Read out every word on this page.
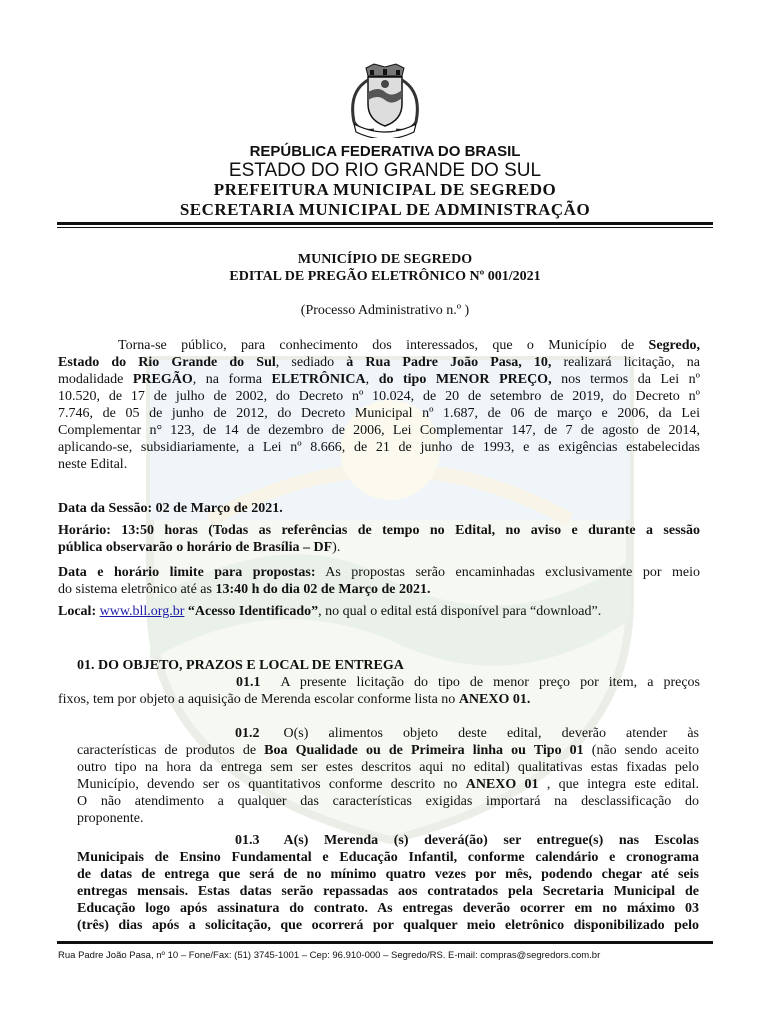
REPÚBLICA FEDERATIVA DO BRASIL
ESTADO DO RIO GRANDE DO SUL
PREFEITURA MUNICIPAL DE SEGREDO
SECRETARIA MUNICIPAL DE ADMINISTRAÇÃO
MUNICÍPIO DE SEGREDO
EDITAL DE PREGÃO ELETRÔNICO Nº 001/2021
(Processo Administrativo n.º )
Torna-se público, para conhecimento dos interessados, que o Município de Segredo,
Estado do Rio Grande do Sul, sediado à Rua Padre João Pasa, 10, realizará licitação, na
modalidade PREGÃO, na forma ELETRÔNICA, do tipo MENOR PREÇO, nos termos da Lei nº
10.520, de 17 de julho de 2002, do Decreto nº 10.024, de 20 de setembro de 2019, do Decreto nº
7.746, de 05 de junho de 2012, do Decreto Municipal nº 1.687, de 06 de março e 2006, da Lei
Complementar n° 123, de 14 de dezembro de 2006, Lei Complementar 147, de 7 de agosto de 2014,
aplicando-se, subsidiariamente, a Lei nº 8.666, de 21 de junho de 1993, e as exigências estabelecidas
neste Edital.
Data da Sessão: 02 de Março de 2021.
Horário: 13:50 horas (Todas as referências de tempo no Edital, no aviso e durante a sessão
pública observarão o horário de Brasília – DF).
Data e horário limite para propostas: As propostas serão encaminhadas exclusivamente por meio
do sistema eletrônico até as 13:40 h do dia 02 de Março de 2021.
Local: www.bll.org.br “Acesso Identificado”, no qual o edital está disponível para “download”.
01. DO OBJETO, PRAZOS E LOCAL DE ENTREGA
01.1 A presente licitação do tipo de menor preço por item, a preços
fixos, tem por objeto a aquisição de Merenda escolar conforme lista no ANEXO 01.
01.2 O(s) alimentos objeto deste edital, deverão atender às
características de produtos de Boa Qualidade ou de Primeira linha ou Tipo 01 (não sendo aceito
outro tipo na hora da entrega sem ser estes descritos aqui no edital) qualitativas estas fixadas pelo
Município, devendo ser os quantitativos conforme descrito no ANEXO 01 , que integra este edital.
O não atendimento a qualquer das características exigidas importará na desclassificação do
proponente.
01.3 A(s) Merenda (s) deverá(ão) ser entregue(s) nas Escolas
Municipais de Ensino Fundamental e Educação Infantil, conforme calendário e cronograma
de datas de entrega que será de no mínimo quatro vezes por mês, podendo chegar até seis
entregas mensais. Estas datas serão repassadas aos contratados pela Secretaria Municipal de
Educação logo após assinatura do contrato. As entregas deverão ocorrer em no máximo 03
(três) dias após a solicitação, que ocorrerá por qualquer meio eletrônico disponibilizado pelo
Rua Padre João Pasa, nº 10 – Fone/Fax: (51) 3745-1001 – Cep: 96.910-000 – Segredo/RS. E-mail: compras@segredors.com.br
